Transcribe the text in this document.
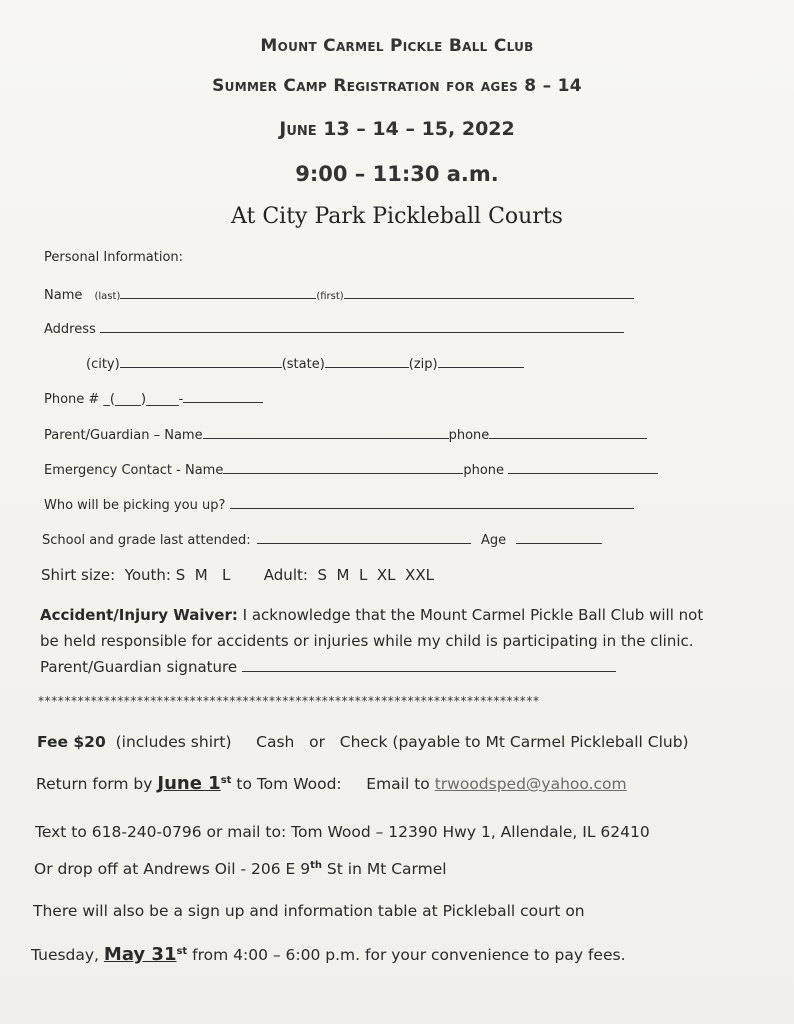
Mount Carmel Pickle Ball Club
Summer Camp Registration for ages 8 – 14
June 13 – 14 – 15, 2022
9:00 – 11:30 a.m.
At City Park Pickleball Courts
Personal Information:
Name (last)	(first)
Address
(city)	(state)	(zip)
Phone # _(____)_____-
Parent/Guardian – Name	phone
Emergency Contact - Name	phone
Who will be picking you up?
School and grade last attended:	Age
Shirt size:  Youth: S  M   L       Adult:  S  M  L  XL  XXL
Accident/Injury Waiver: I acknowledge that the Mount Carmel Pickle Ball Club will not
be held responsible for accidents or injuries while my child is participating in the clinic.
Parent/Guardian signature
****************************************************************************
Fee $20  (includes shirt)     Cash   or   Check (payable to Mt Carmel Pickleball Club)
Return form by June 1st to Tom Wood:     Email to trwoodsped@yahoo.com
Text to 618-240-0796 or mail to: Tom Wood – 12390 Hwy 1, Allendale, IL 62410
Or drop off at Andrews Oil - 206 E 9th St in Mt Carmel
There will also be a sign up and information table at Pickleball court on
Tuesday, May 31st from 4:00 – 6:00 p.m. for your convenience to pay fees.
